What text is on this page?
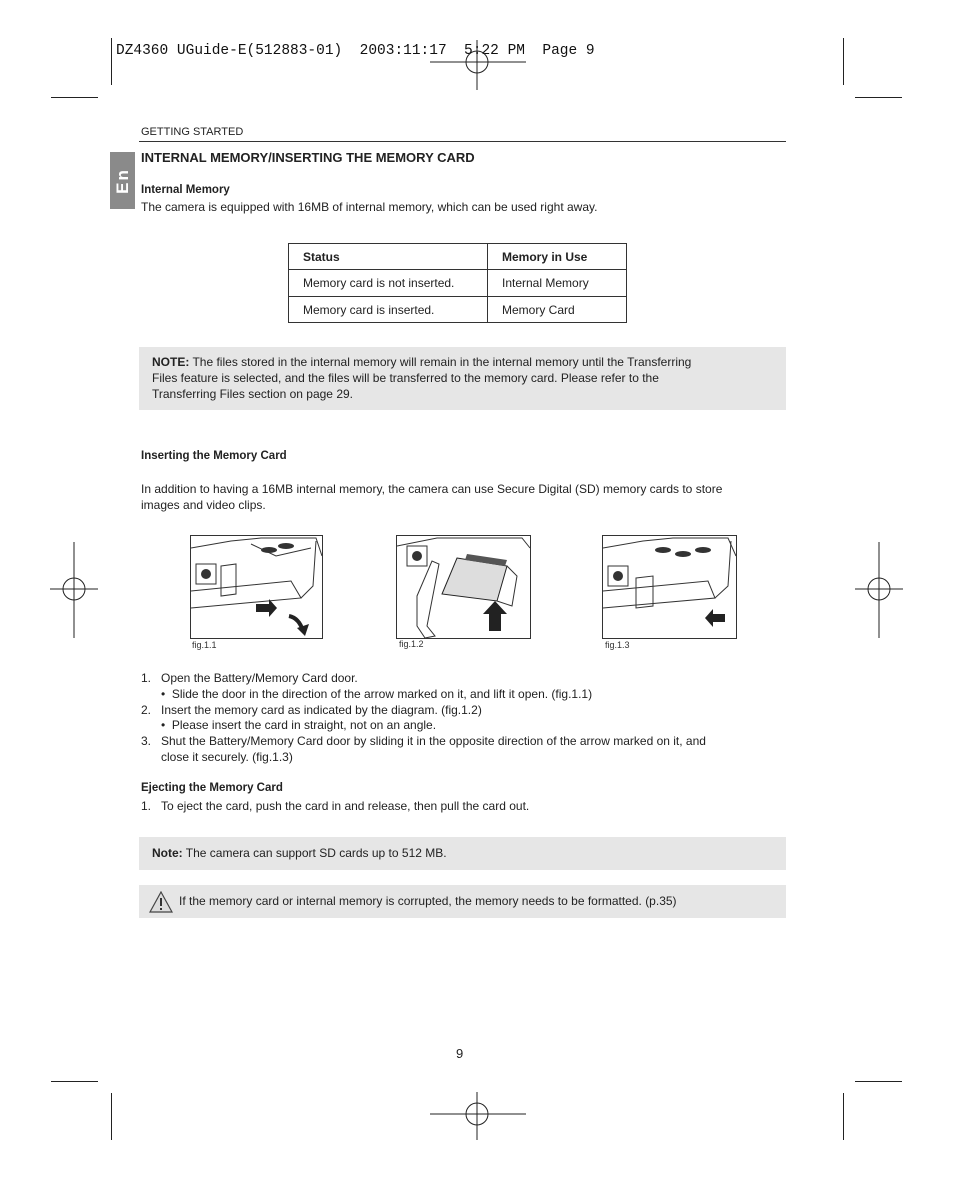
DZ4360 UGuide-E(512883-01)  2003:11:17  5:22 PM  Page 9
GETTING STARTED
En
INTERNAL MEMORY/INSERTING THE MEMORY CARD
Internal Memory
The camera is equipped with 16MB of internal memory, which can be used right away.
Status	Memory in Use
Memory card is not inserted.	Internal Memory
Memory card is inserted.	Memory Card
NOTE: The files stored in the internal memory will remain in the internal memory until the Transferring
Files feature is selected, and the files will be transferred to the memory card. Please refer to the
Transferring Files section on page 29.
Inserting the Memory Card
In addition to having a 16MB internal memory, the camera can use Secure Digital (SD) memory cards to store
images and video clips.
fig.1.1	fig.1.2	fig.1.3
1. Open the Battery/Memory Card door.
• Slide the door in the direction of the arrow marked on it, and lift it open. (fig.1.1)
2. Insert the memory card as indicated by the diagram. (fig.1.2)
• Please insert the card in straight, not on an angle.
3. Shut the Battery/Memory Card door by sliding it in the opposite direction of the arrow marked on it, and
close it securely. (fig.1.3)
Ejecting the Memory Card
1. To eject the card, push the card in and release, then pull the card out.
Note: The camera can support SD cards up to 512 MB.
If the memory card or internal memory is corrupted, the memory needs to be formatted. (p.35)
9
